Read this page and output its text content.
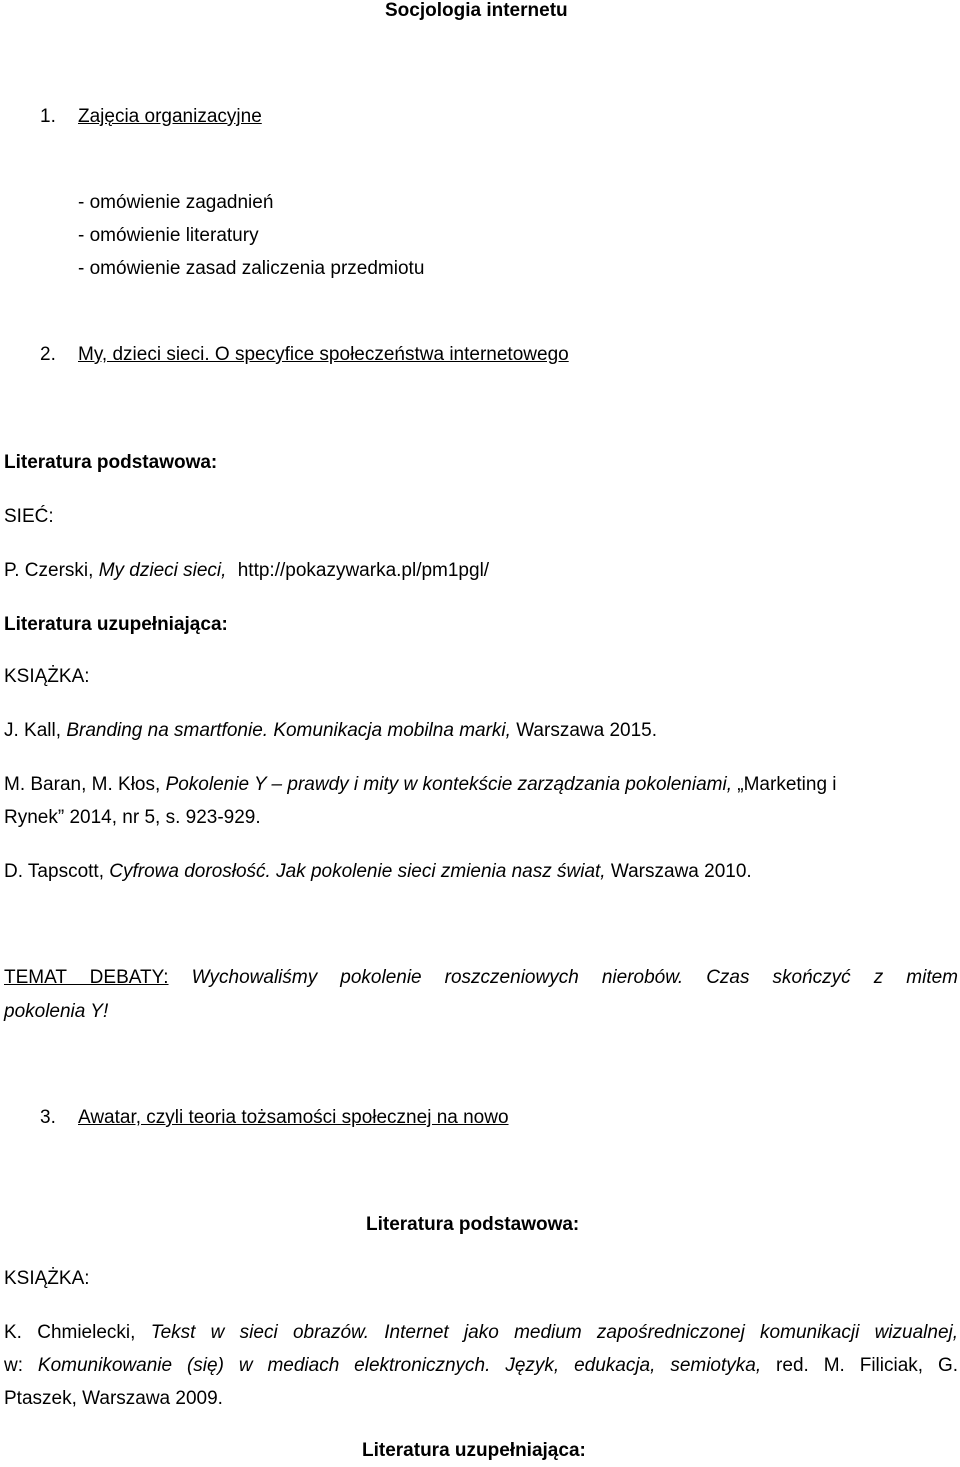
Socjologia internetu
1. Zajęcia organizacyjne
- omówienie zagadnień
- omówienie literatury
- omówienie zasad zaliczenia przedmiotu
2. My, dzieci sieci. O specyfice społeczeństwa internetowego
Literatura podstawowa:
SIEĆ:
P. Czerski, My dzieci sieci, http://pokazywarka.pl/pm1pgl/
Literatura uzupełniająca:
KSIĄŻKA:
J. Kall, Branding na smartfonie. Komunikacja mobilna marki, Warszawa 2015.
M. Baran, M. Kłos, Pokolenie Y – prawdy i mity w kontekście zarządzania pokoleniami, „Marketing i
Rynek” 2014, nr 5, s. 923-929.
D. Tapscott, Cyfrowa dorosłość. Jak pokolenie sieci zmienia nasz świat, Warszawa 2010.
TEMAT DEBATY: Wychowaliśmy pokolenie roszczeniowych nierobów. Czas skończyć z mitem
pokolenia Y!
3. Awatar, czyli teoria tożsamości społecznej na nowo
Literatura podstawowa:
KSIĄŻKA:
K. Chmielecki, Tekst w sieci obrazów. Internet jako medium zapośredniczonej komunikacji wizualnej,
w: Komunikowanie (się) w mediach elektronicznych. Język, edukacja, semiotyka, red. M. Filiciak, G.
Ptaszek, Warszawa 2009.
Literatura uzupełniająca:
